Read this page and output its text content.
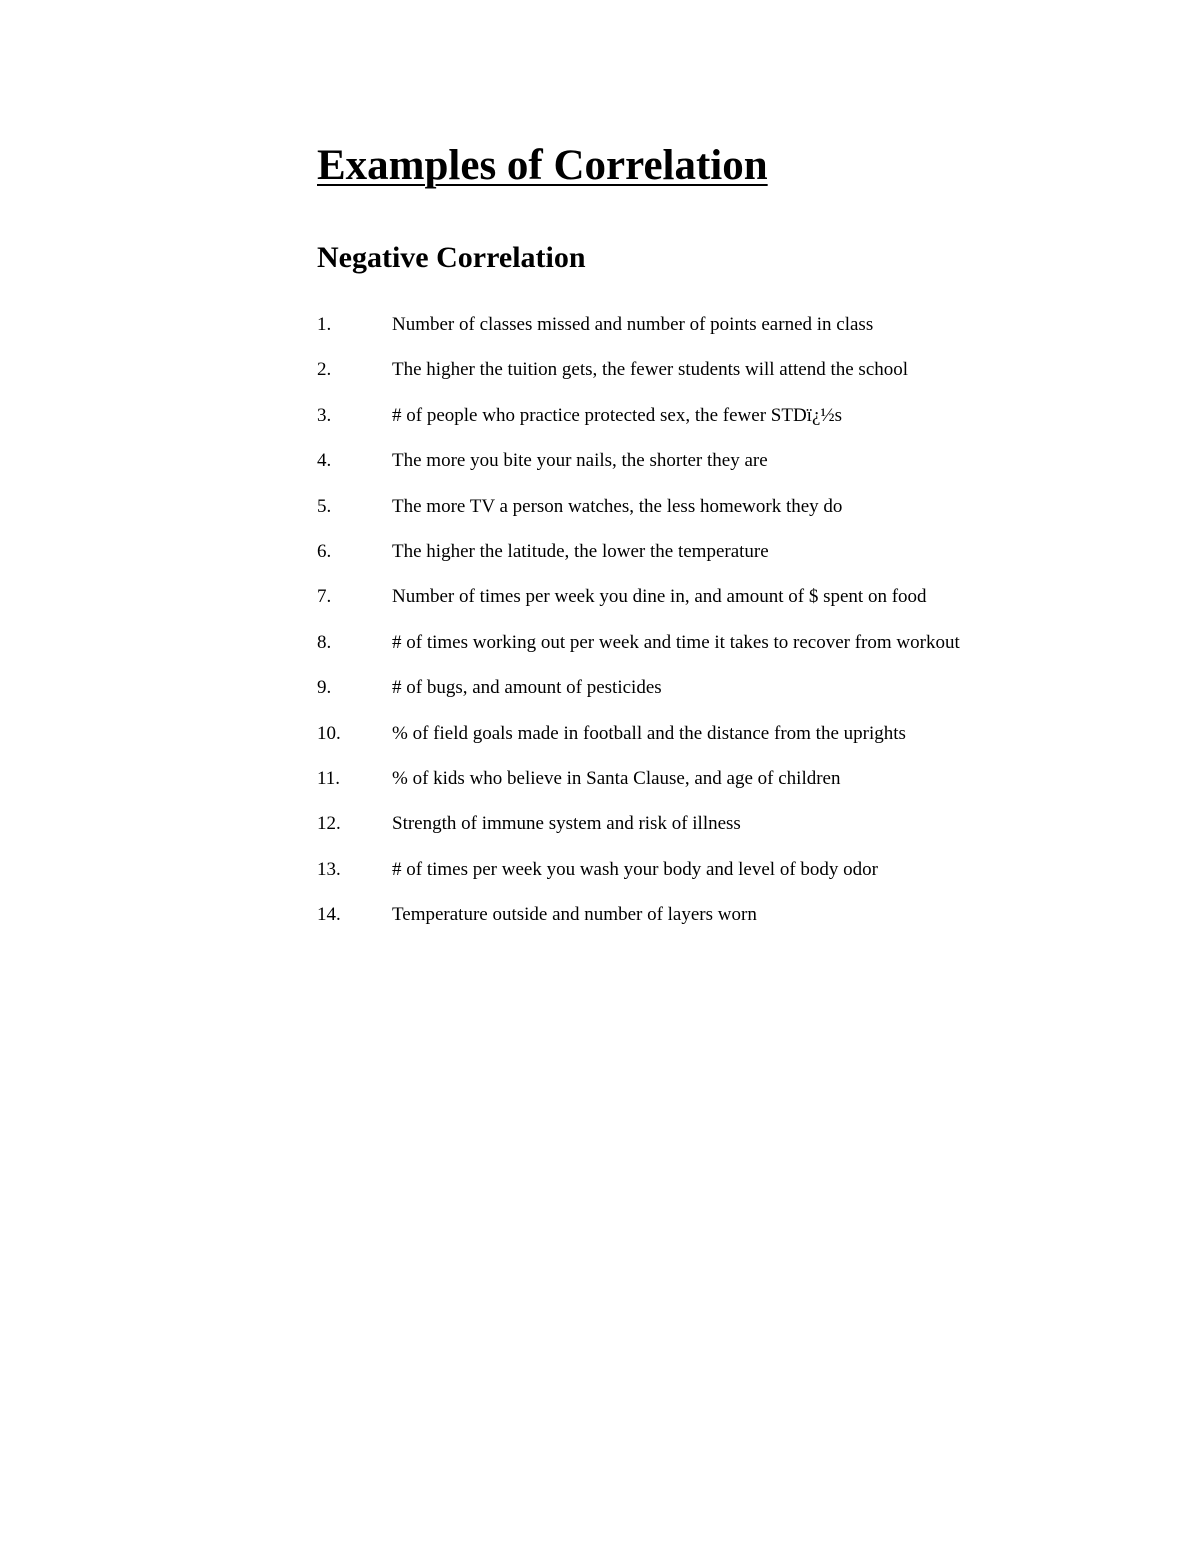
Examples of Correlation
Negative Correlation
1.	Number of classes missed and number of points earned in class
2.	The higher the tuition gets, the fewer students will attend the school
3.	# of people who practice protected sex, the fewer STDï¿½s
4.	The more you bite your nails, the shorter they are
5.	The more TV a person watches, the less homework they do
6.	The higher the latitude, the lower the temperature
7.	Number of times per week you dine in, and amount of $ spent on food
8.	# of times working out per week and time it takes to recover from workout
9.	# of bugs, and amount of pesticides
10.	% of field goals made in football and the distance from the uprights
11.	% of kids who believe in Santa Clause, and age of children
12.	Strength of immune system and risk of illness
13.	# of times per week you wash your body and level of body odor
14.	Temperature outside and number of layers worn
